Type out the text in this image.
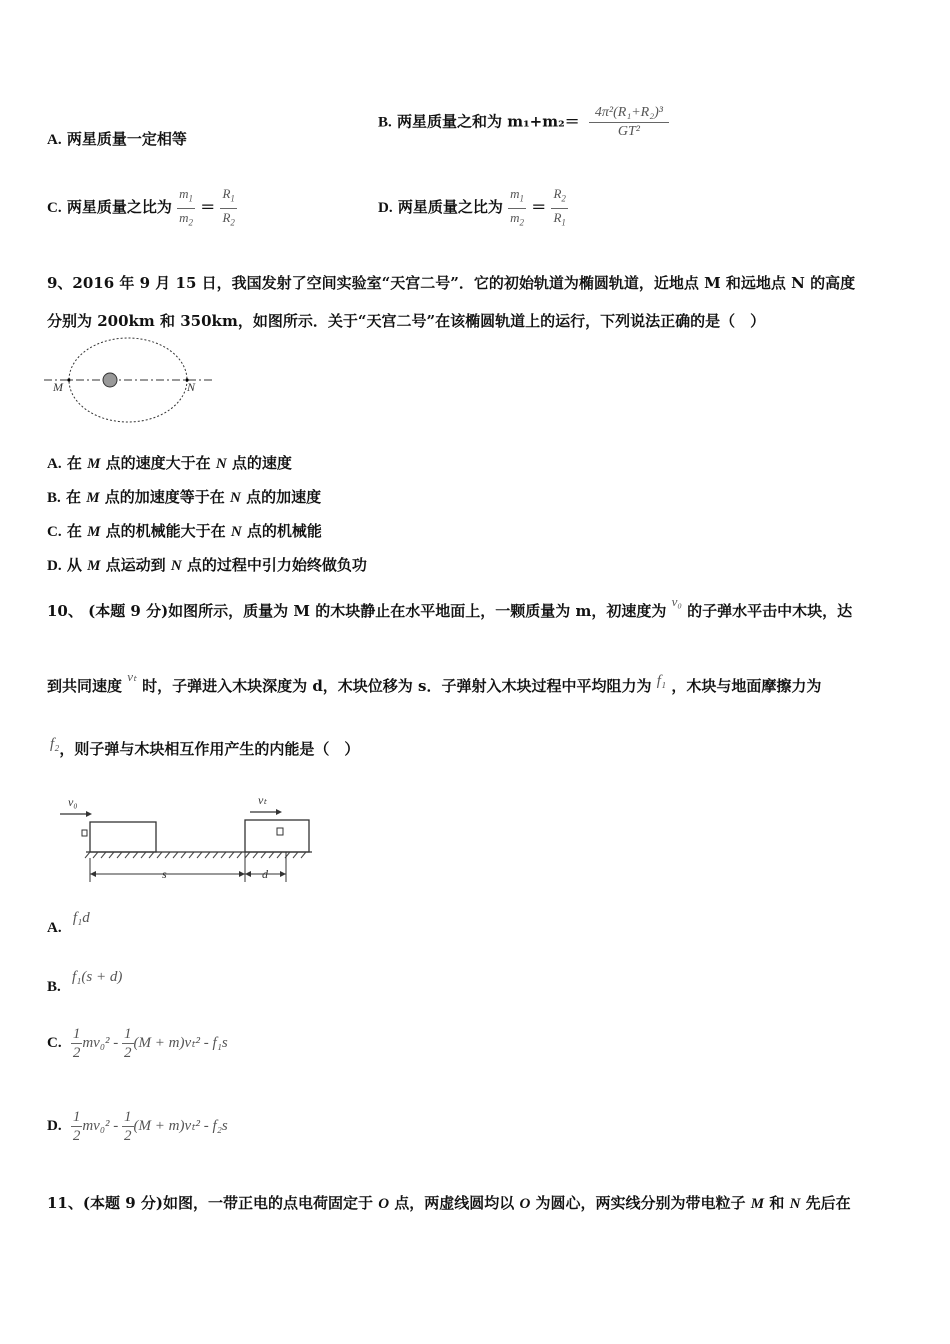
A. 两星质量一定相等
B. 两星质量之和为 $m_1+m_2= \frac{\text{4π²(R₁+R₂)³}}{\text{GT²}}$
C. 两星质量之比为 $\frac{m_1}{m_2} = \frac{R_1}{R_2}$	D. 两星质量之比为 $\frac{m_1}{m_2} = \frac{R_2}{R_1}$
9、2016 年 9 月 15 日，我国发射了空间实验室“天宫二号”．它的初始轨道为椭圆轨道，近地点 M 和远地点 N 的高度
分别为 200km 和 350km，如图所示．关于“天宫二号”在该椭圆轨道上的运行，下列说法正确的是（　）
M	N
A. 在 M 点的速度大于在 N 点的速度
B. 在 M 点的加速度等于在 N 点的加速度
C. 在 M 点的机械能大于在 N 点的机械能
D. 从 M 点运动到 N 点的过程中引力始终做负功
10、 (本题 9 分)如图所示，质量为 M 的木块静止在水平地面上，一颗质量为 m，初速度为 v₀ 的子弹水平击中木块，达
到共同速度 vₜ 时，子弹进入木块深度为 d，木块位移为 s．子弹射入木块过程中平均阻力为 f₁ ，木块与地面摩擦力为
f₂，则子弹与木块相互作用产生的内能是（　）
v₀	vₜ
s	d
A. f₁d
B. f₁(s + d)
C. $\frac{1}{2} mv_0^2 - \frac{1}{2} (M + m)v_t^2 - f_1s$
D. $\frac{1}{2} mv_0^2 - \frac{1}{2} (M + m)v_t^2 - f_2s$
11、(本题 9 分)如图，一带正电的点电荷固定于 O 点，两虚线圆均以 O 为圆心，两实线分别为带电粒子 M 和 N 先后在
